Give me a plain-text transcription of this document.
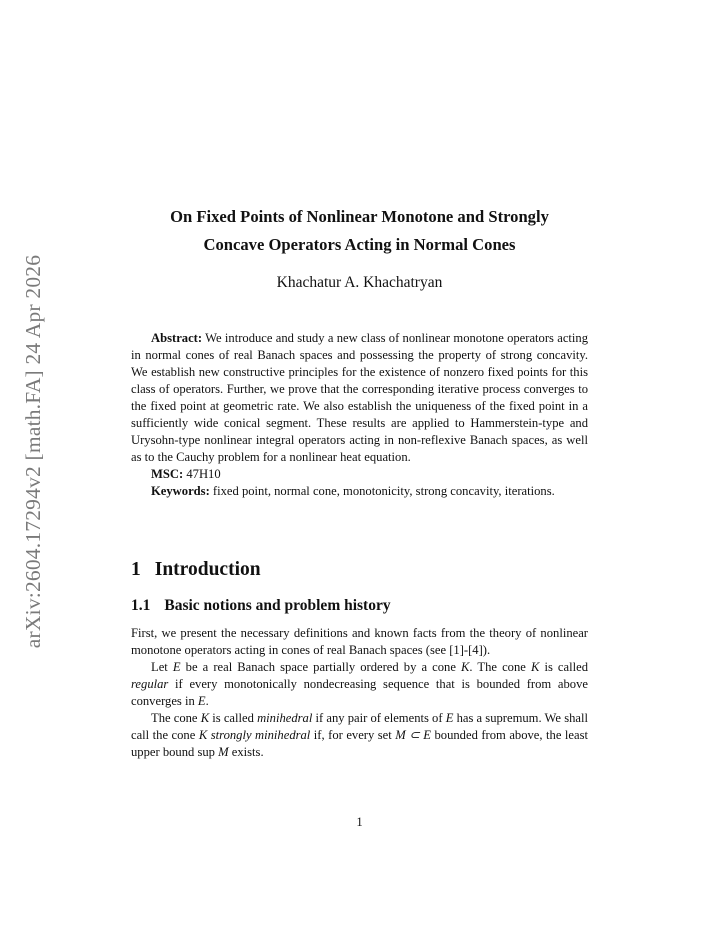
arXiv:2604.17294v2 [math.FA] 24 Apr 2026
On Fixed Points of Nonlinear Monotone and Strongly
Concave Operators Acting in Normal Cones
Khachatur A. Khachatryan

Abstract: We introduce and study a new class of nonlinear monotone operators acting in normal cones of real Banach spaces and possessing the property of strong concavity. We establish new constructive principles for the existence of nonzero fixed points for this class of operators. Further, we prove that the corresponding iterative process converges to the fixed point at geometric rate. We also establish the uniqueness of the fixed point in a sufficiently wide conical segment. These results are applied to Hammerstein-type and Urysohn-type nonlinear integral operators acting in non-reflexive Banach spaces, as well as to the Cauchy problem for a nonlinear heat equation.

MSC: 47H10

Keywords: fixed point, normal cone, monotonicity, strong concavity, iterations.

1 Introduction
1.1 Basic notions and problem history

First, we present the necessary definitions and known facts from the theory of nonlinear monotone operators acting in cones of real Banach spaces (see [1]-[4]).

Let E be a real Banach space partially ordered by a cone K. The cone K is called regular if every monotonically nondecreasing sequence that is bounded from above converges in E.

The cone K is called minihedral if any pair of elements of E has a supremum. We shall call the cone K strongly minihedral if, for every set M ⊂ E bounded from above, the least upper bound sup M exists.

1
